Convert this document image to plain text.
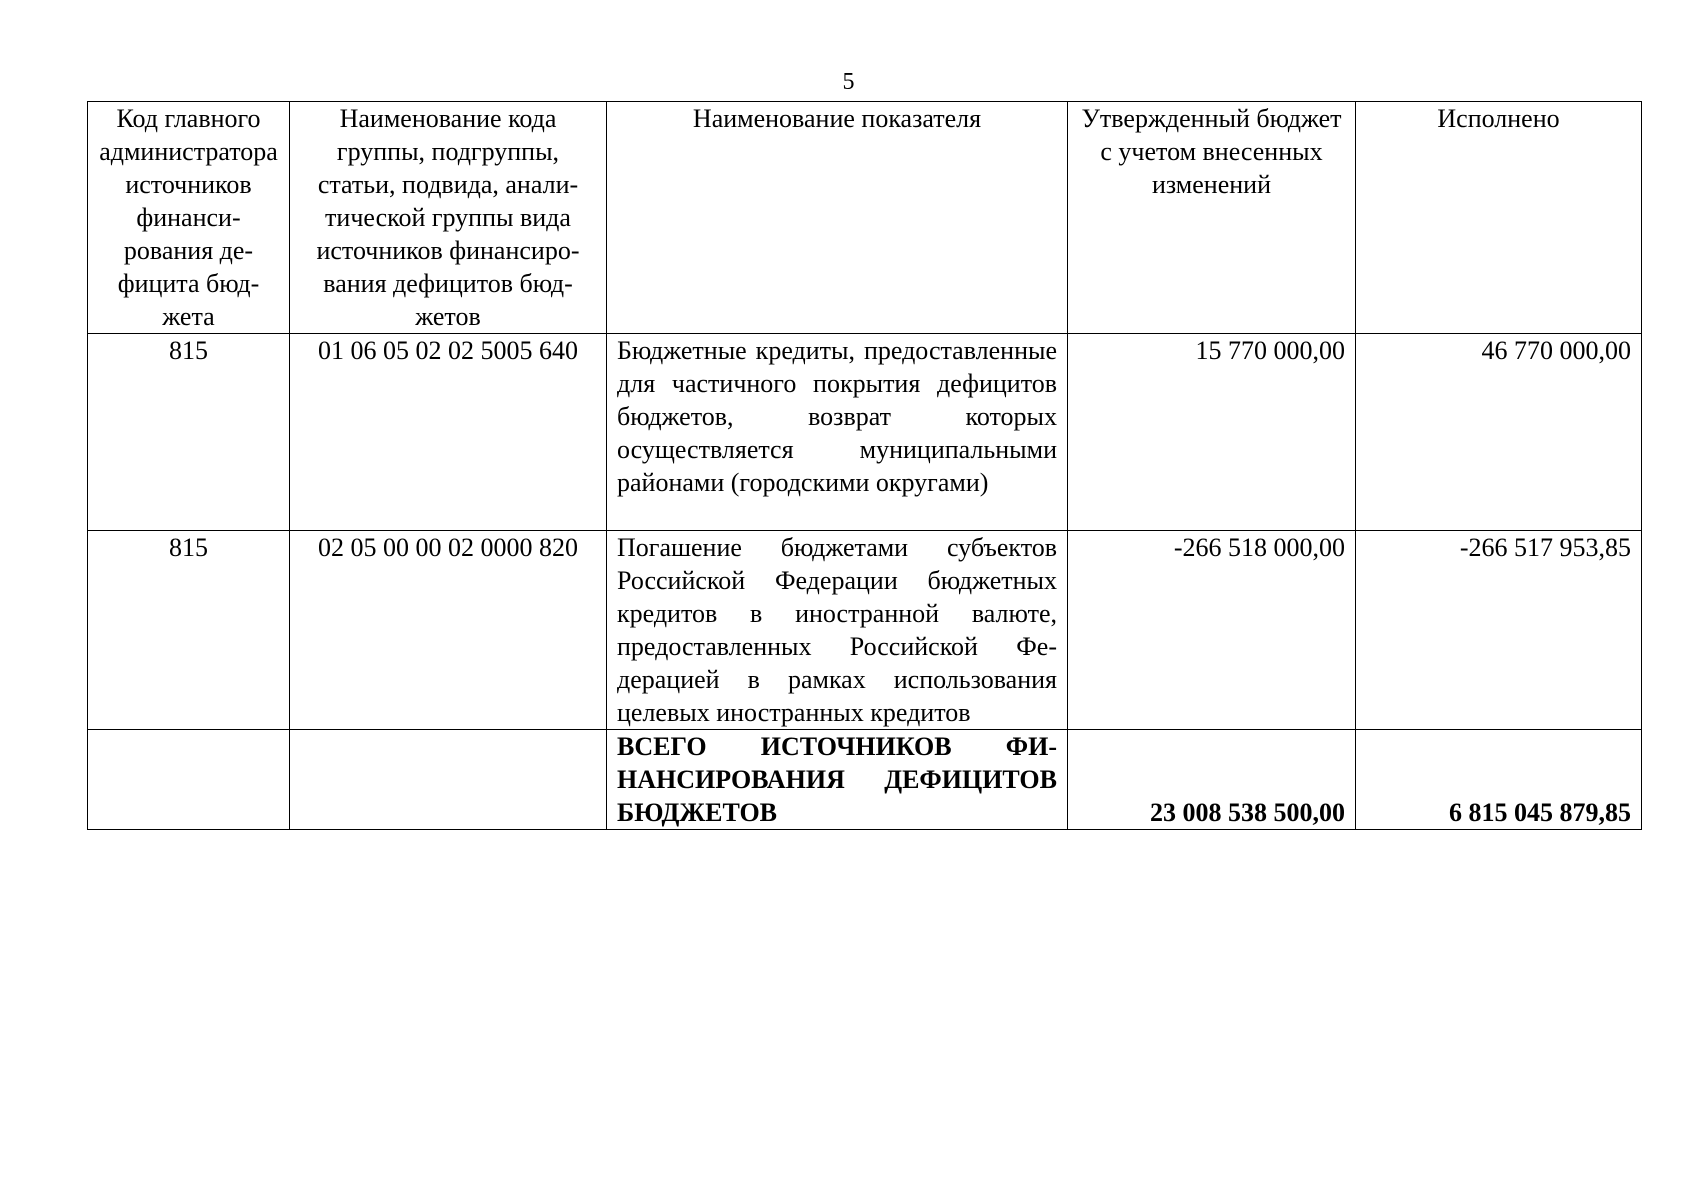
5
Код главного администратора источников финансирования дефицита бюджета	Наименование кода группы, подгруппы, статьи, подвида, аналитической группы вида источников финансирования дефицитов бюджетов	Наименование показателя	Утвержденный бюджет с учетом внесенных изменений	Исполнено
815	01 06 05 02 02 5005 640	Бюджетные кредиты, предоставленные для частичного покрытия дефицитов бюджетов, возврат которых осуществляется муниципальными районами (городскими округами)	15 770 000,00	46 770 000,00
815	02 05 00 00 02 0000 820	Погашение бюджетами субъектов Российской Федерации бюджетных кредитов в иностранной валюте, предоставленных Российской Федерацией в рамках использования целевых иностранных кредитов	-266 518 000,00	-266 517 953,85
		ВСЕГО ИСТОЧНИКОВ ФИНАНСИРОВАНИЯ ДЕФИЦИТОВ БЮДЖЕТОВ	23 008 538 500,00	6 815 045 879,85
